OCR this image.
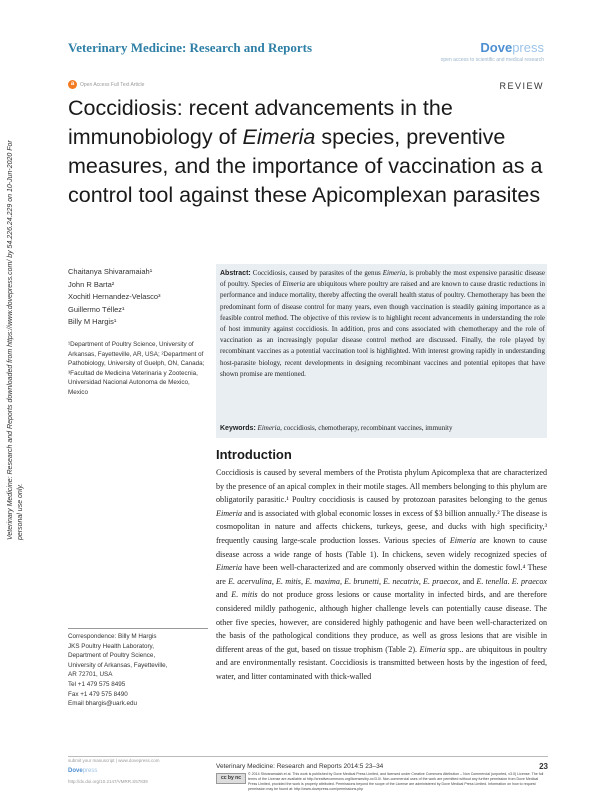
Veterinary Medicine: Research and Reports	Dovepress
open access to scientific and medical research
a Open Access Full Text Article	REVIEW
Coccidiosis: recent advancements in the immunobiology of Eimeria species, preventive measures, and the importance of vaccination as a control tool against these Apicomplexan parasites
Veterinary Medicine: Research and Reports downloaded from https://www.dovepress.com/ by 54.226.24.229 on 10-Jun-2020 For personal use only.
Chaitanya Shivaramaiah¹
John R Barta²
Xochitl Hernandez-Velasco³
Guillermo Téllez¹
Billy M Hargis¹
¹Department of Poultry Science, University of Arkansas, Fayetteville, AR, USA; ²Department of Pathobiology, University of Guelph, ON, Canada; ³Facultad de Medicina Veterinaria y Zootecnia, Universidad Nacional Autonoma de Mexico, Mexico
Correspondence: Billy M Hargis
JKS Poultry Health Laboratory,
Department of Poultry Science,
University of Arkansas, Fayetteville,
AR 72701, USA
Tel +1 479 575 8495
Fax +1 479 575 8490
Email bhargis@uark.edu
Abstract: Coccidiosis, caused by parasites of the genus Eimeria, is probably the most expensive parasitic disease of poultry. Species of Eimeria are ubiquitous where poultry are raised and are known to cause drastic reductions in performance and induce mortality, thereby affecting the overall health status of poultry. Chemotherapy has been the predominant form of disease control for many years, even though vaccination is steadily gaining importance as a feasible control method. The objective of this review is to highlight recent advancements in understanding the role of host immunity against coccidiosis. In addition, pros and cons associated with chemotherapy and the role of vaccination as an increasingly popular disease control method are discussed. Finally, the role played by recombinant vaccines as a potential vaccination tool is highlighted. With interest growing rapidly in understanding host-parasite biology, recent developments in designing recombinant vaccines and potential epitopes that have shown promise are mentioned.
Keywords: Eimeria, coccidiosis, chemotherapy, recombinant vaccines, immunity
Introduction
Coccidiosis is caused by several members of the Protista phylum Apicomplexa that are characterized by the presence of an apical complex in their motile stages. All members belonging to this phylum are obligatorily parasitic.¹ Poultry coccidiosis is caused by protozoan parasites belonging to the genus Eimeria and is associated with global economic losses in excess of $3 billion annually.² The disease is cosmopolitan in nature and affects chickens, turkeys, geese, and ducks with high specificity,³ frequently causing large-scale production losses. Various species of Eimeria are known to cause disease across a wide range of hosts (Table 1). In chickens, seven widely recognized species of Eimeria have been well-characterized and are commonly observed within the domestic fowl.⁴ These are E. acervulina, E. mitis, E. maxima, E. brunetti, E. necatrix, E. praecox, and E. tenella. E. praecox and E. mitis do not produce gross lesions or cause mortality in infected birds, and are therefore considered mildly pathogenic, although higher challenge levels can potentially cause disease. The other five species, however, are considered highly pathogenic and have been well-characterized on the basis of the pathological conditions they produce, as well as gross lesions that are visible in different areas of the gut, based on tissue trophism (Table 2). Eimeria spp.. are ubiquitous in poultry and are environmentally resistant. Coccidiosis is transmitted between hosts by the ingestion of feed, water, and litter contaminated with thick-walled
submit your manuscript | www.dovepress.com
Dovepress
http://dx.doi.org/10.2147/VMRR.S57839
Veterinary Medicine: Research and Reports 2014:5 23–34	23
cc by nc
© 2014 Shivaramaiah et al. This work is published by Dove Medical Press Limited, and licensed under Creative Commons Attribution – Non Commercial (unported, v3.0) License. The full terms of the License are available at http://creativecommons.org/licenses/by-nc/3.0/. Non-commercial uses of the work are permitted without any further permission from Dove Medical Press Limited, provided the work is properly attributed. Permissions beyond the scope of the License are administered by Dove Medical Press Limited. Information on how to request permission may be found at: http://www.dovepress.com/permissions.php
